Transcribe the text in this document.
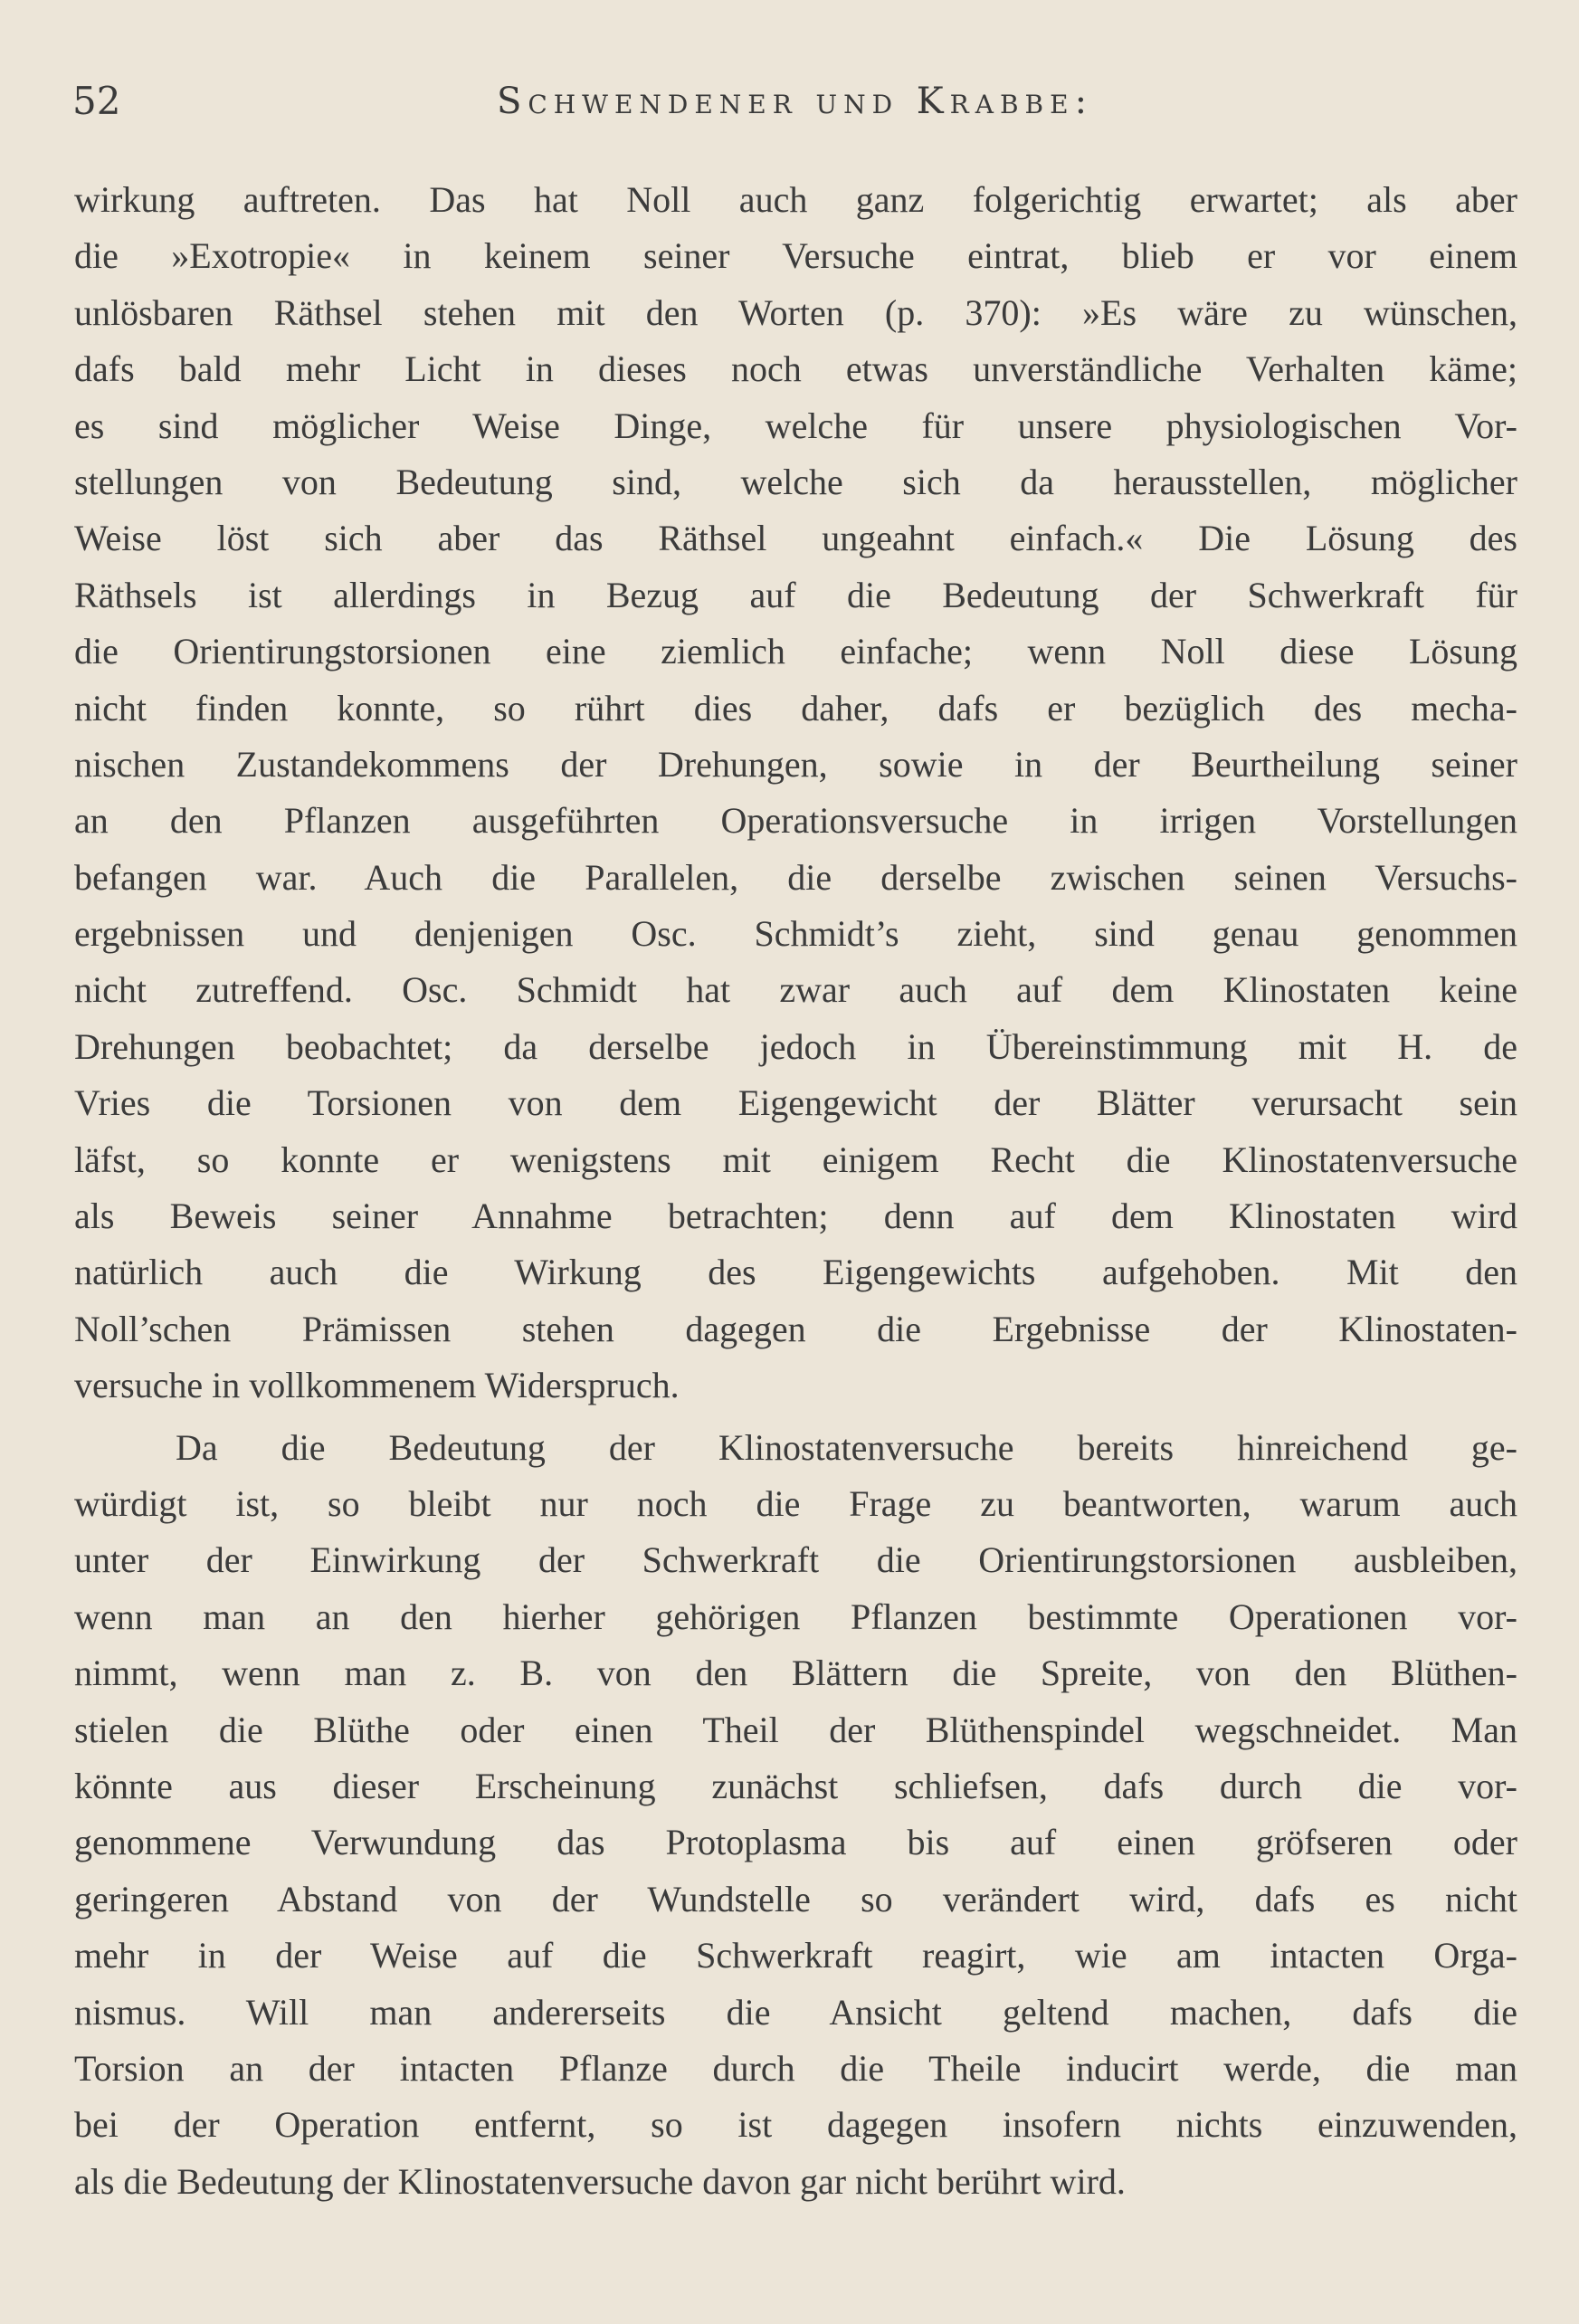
52	Schwendener und Krabbe:
wirkung auftreten. Das hat Noll auch ganz folgerichtig erwartet; als aber
die »Exotropie« in keinem seiner Versuche eintrat, blieb er vor einem
unlösbaren Räthsel stehen mit den Worten (p. 370): »Es wäre zu wünschen,
dafs bald mehr Licht in dieses noch etwas unverständliche Verhalten käme;
es sind möglicher Weise Dinge, welche für unsere physiologischen Vor-
stellungen von Bedeutung sind, welche sich da herausstellen, möglicher
Weise löst sich aber das Räthsel ungeahnt einfach.« Die Lösung des
Räthsels ist allerdings in Bezug auf die Bedeutung der Schwerkraft für
die Orientirungstorsionen eine ziemlich einfache; wenn Noll diese Lösung
nicht finden konnte, so rührt dies daher, dafs er bezüglich des mecha-
nischen Zustandekommens der Drehungen, sowie in der Beurtheilung seiner
an den Pflanzen ausgeführten Operationsversuche in irrigen Vorstellungen
befangen war. Auch die Parallelen, die derselbe zwischen seinen Versuchs-
ergebnissen und denjenigen Osc. Schmidt’s zieht, sind genau genommen
nicht zutreffend. Osc. Schmidt hat zwar auch auf dem Klinostaten keine
Drehungen beobachtet; da derselbe jedoch in Übereinstimmung mit H. de
Vries die Torsionen von dem Eigengewicht der Blätter verursacht sein
läfst, so konnte er wenigstens mit einigem Recht die Klinostatenversuche
als Beweis seiner Annahme betrachten; denn auf dem Klinostaten wird
natürlich auch die Wirkung des Eigengewichts aufgehoben. Mit den
Noll’schen Prämissen stehen dagegen die Ergebnisse der Klinostaten-
versuche in vollkommenem Widerspruch.
Da die Bedeutung der Klinostatenversuche bereits hinreichend ge-
würdigt ist, so bleibt nur noch die Frage zu beantworten, warum auch
unter der Einwirkung der Schwerkraft die Orientirungstorsionen ausbleiben,
wenn man an den hierher gehörigen Pflanzen bestimmte Operationen vor-
nimmt, wenn man z. B. von den Blättern die Spreite, von den Blüthen-
stielen die Blüthe oder einen Theil der Blüthenspindel wegschneidet. Man
könnte aus dieser Erscheinung zunächst schliefsen, dafs durch die vor-
genommene Verwundung das Protoplasma bis auf einen gröfseren oder
geringeren Abstand von der Wundstelle so verändert wird, dafs es nicht
mehr in der Weise auf die Schwerkraft reagirt, wie am intacten Orga-
nismus. Will man andererseits die Ansicht geltend machen, dafs die
Torsion an der intacten Pflanze durch die Theile inducirt werde, die man
bei der Operation entfernt, so ist dagegen insofern nichts einzuwenden,
als die Bedeutung der Klinostatenversuche davon gar nicht berührt wird.
